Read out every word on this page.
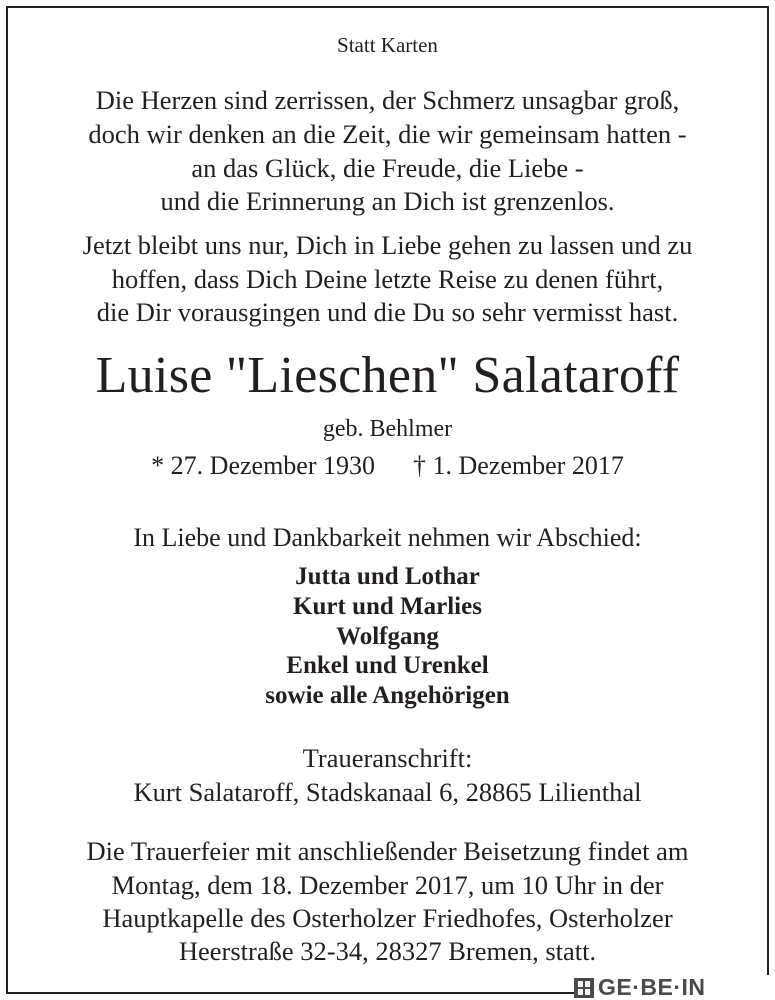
Statt Karten
Die Herzen sind zerrissen, der Schmerz unsagbar groß,
doch wir denken an die Zeit, die wir gemeinsam hatten -
an das Glück, die Freude, die Liebe -
und die Erinnerung an Dich ist grenzenlos.
Jetzt bleibt uns nur, Dich in Liebe gehen zu lassen und zu
hoffen, dass Dich Deine letzte Reise zu denen führt,
die Dir vorausgingen und die Du so sehr vermisst hast.
Luise "Lieschen" Salataroff
geb. Behlmer
* 27. Dezember 1930 † 1. Dezember 2017
In Liebe und Dankbarkeit nehmen wir Abschied:
Jutta und Lothar
Kurt und Marlies
Wolfgang
Enkel und Urenkel
sowie alle Angehörigen
Traueranschrift:
Kurt Salataroff, Stadskanaal 6, 28865 Lilienthal
Die Trauerfeier mit anschließender Beisetzung findet am
Montag, dem 18. Dezember 2017, um 10 Uhr in der
Hauptkapelle des Osterholzer Friedhofes, Osterholzer
Heerstraße 32-34, 28327 Bremen, statt.
GE·BE·IN
